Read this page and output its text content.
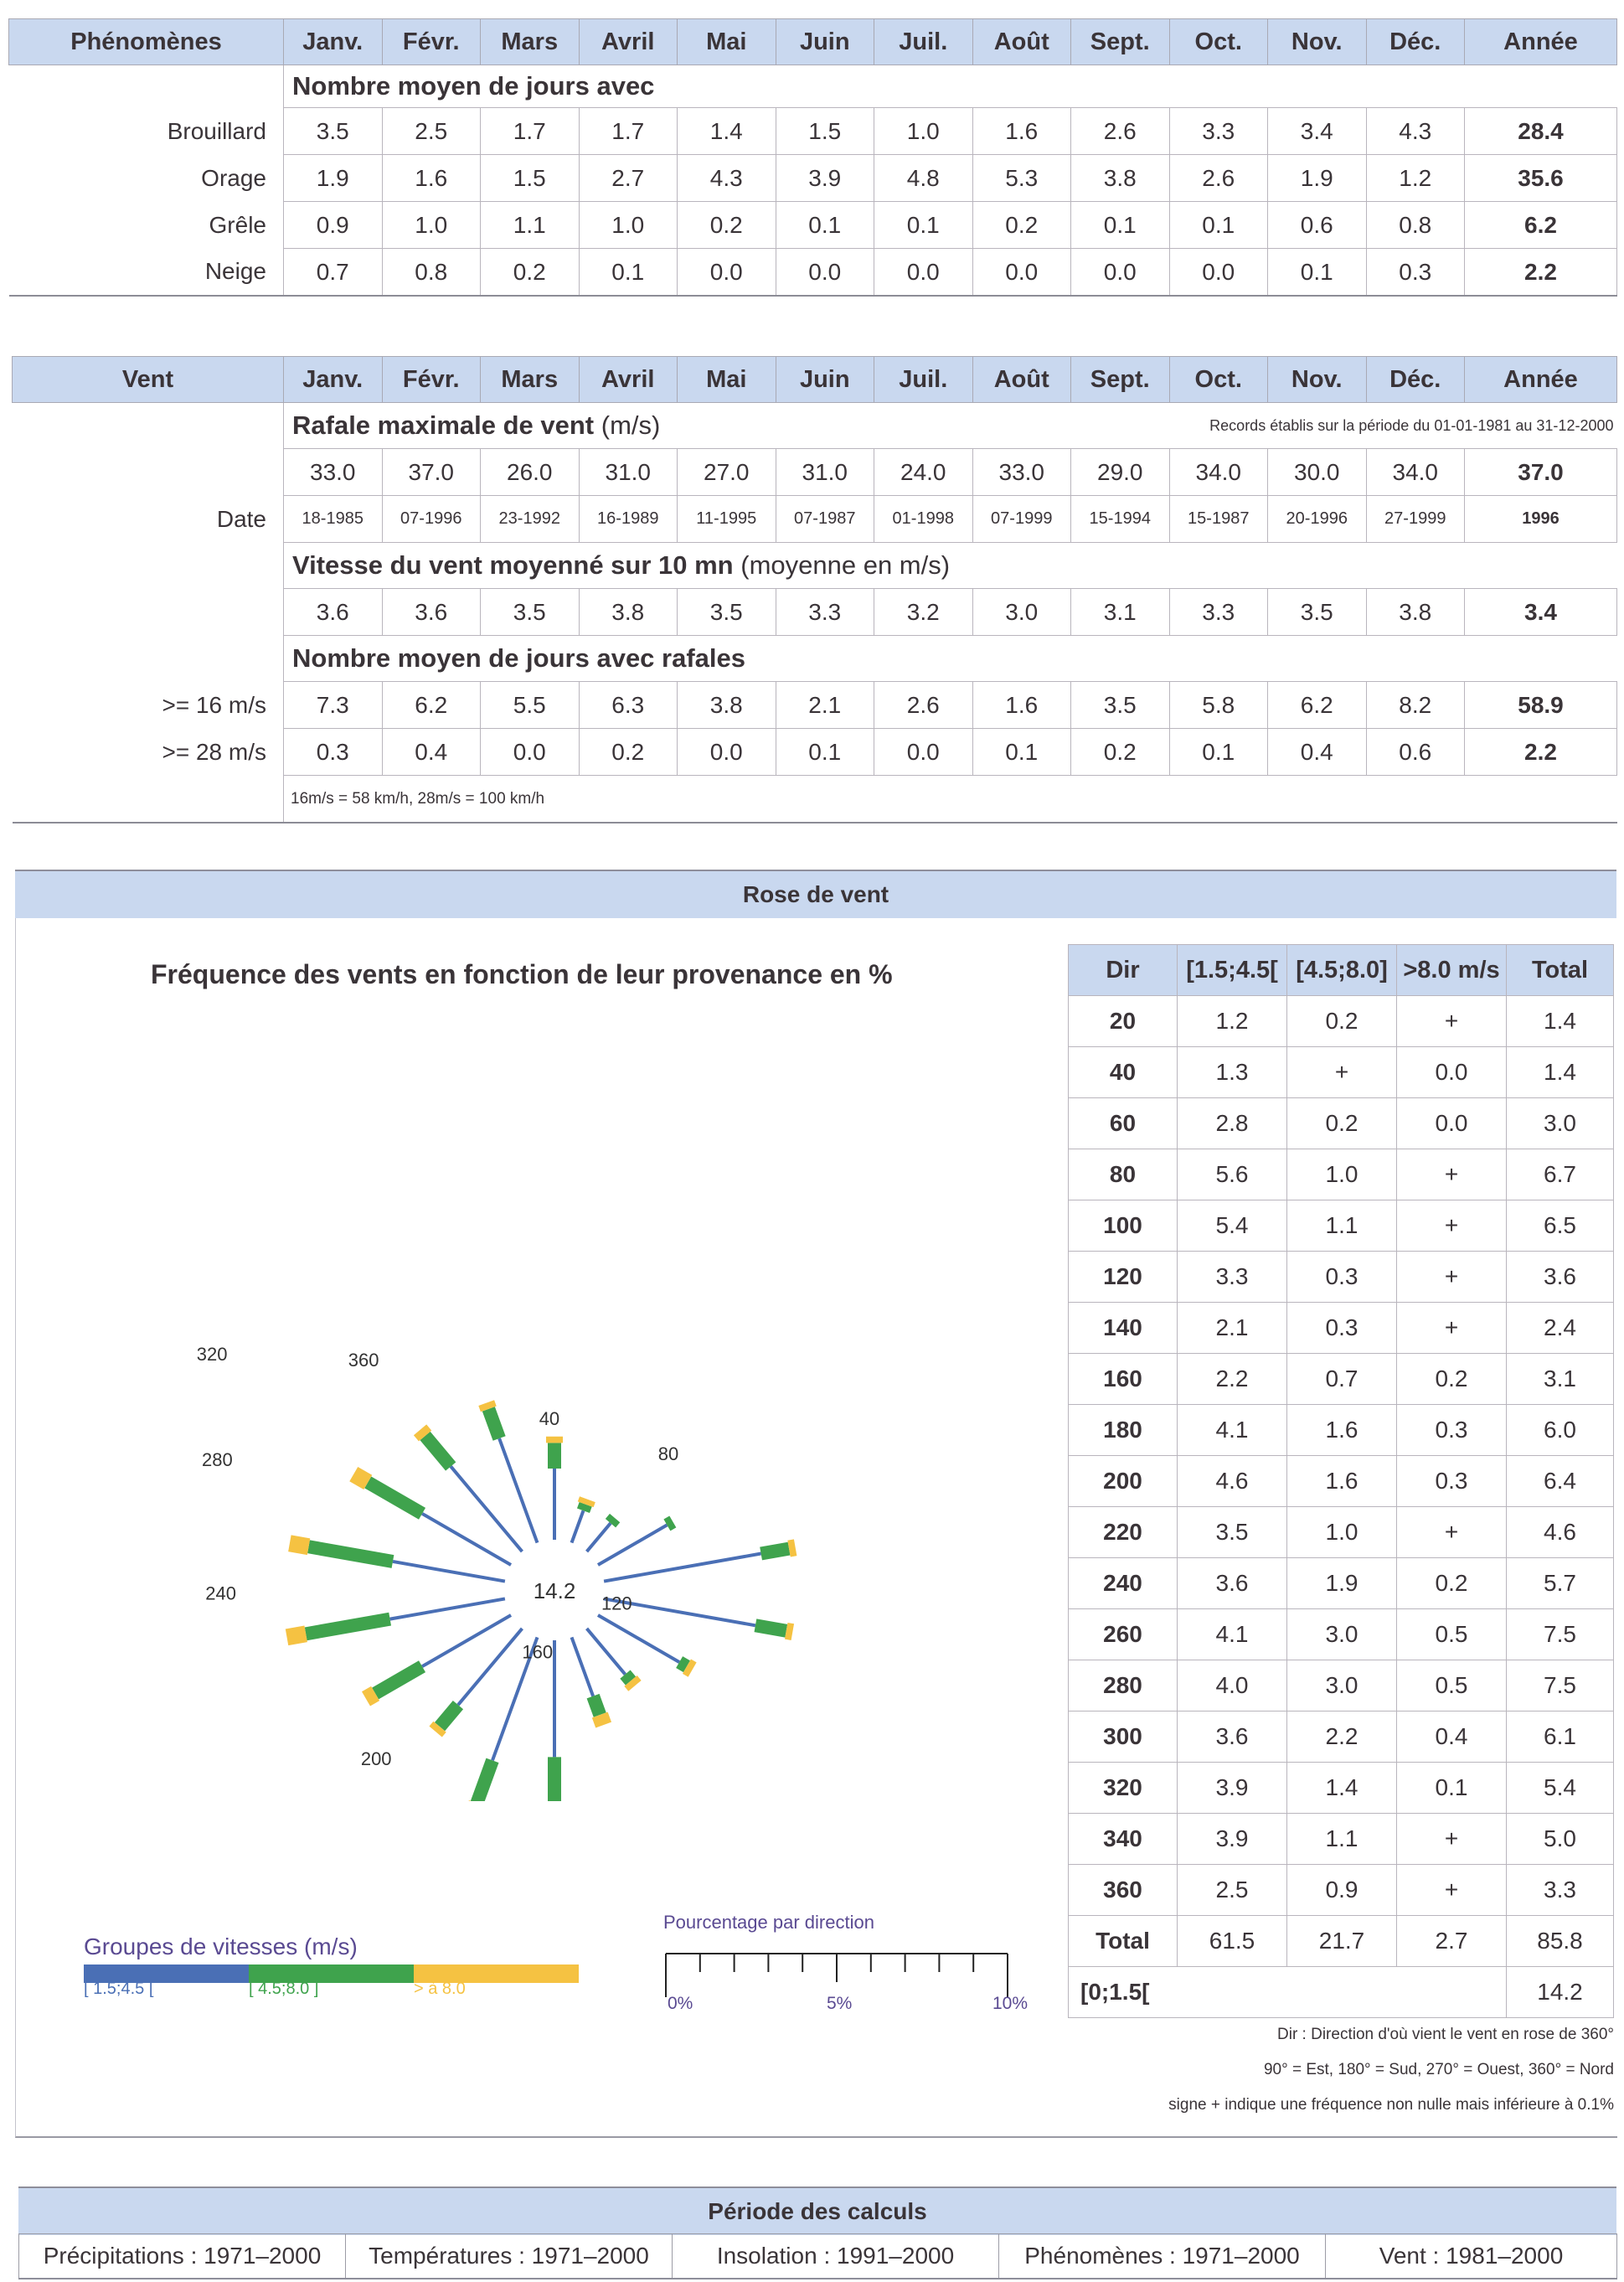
Phénomènes	Janv.	Févr.	Mars	Avril	Mai	Juin	Juil.	Août	Sept.	Oct.	Nov.	Déc.	Année
	Nombre moyen de jours avec												
Brouillard	3.5	2.5	1.7	1.7	1.4	1.5	1.0	1.6	2.6	3.3	3.4	4.3	28.4
Orage	1.9	1.6	1.5	2.7	4.3	3.9	4.8	5.3	3.8	2.6	1.9	1.2	35.6
Grêle	0.9	1.0	1.1	1.0	0.2	0.1	0.1	0.2	0.1	0.1	0.6	0.8	6.2
Neige	0.7	0.8	0.2	0.1	0.0	0.0	0.0	0.0	0.0	0.0	0.1	0.3	2.2
Vent	Janv.	Févr.	Mars	Avril	Mai	Juin	Juil.	Août	Sept.	Oct.	Nov.	Déc.	Année
	Rafale maximale de vent (m/s)							Records établis sur la période du 01-01-1981 au 31-12-2000					
	33.0	37.0	26.0	31.0	27.0	31.0	24.0	33.0	29.0	34.0	30.0	34.0	37.0
Date	18-1985	07-1996	23-1992	16-1989	11-1995	07-1987	01-1998	07-1999	15-1994	15-1987	20-1996	27-1999	1996
	Vitesse du vent moyenné sur 10 mn (moyenne en m/s)												
	3.6	3.6	3.5	3.8	3.5	3.3	3.2	3.0	3.1	3.3	3.5	3.8	3.4
	Nombre moyen de jours avec rafales												
>= 16 m/s	7.3	6.2	5.5	6.3	3.8	2.1	2.6	1.6	3.5	5.8	6.2	8.2	58.9
>= 28 m/s	0.3	0.4	0.0	0.2	0.0	0.1	0.0	0.1	0.2	0.1	0.4	0.6	2.2
	16m/s = 58 km/h, 28m/s = 100 km/h												
Rose de vent
Fréquence des vents en fonction de leur provenance en %
14.2
40
80
120
160
200
240
280
320	360
Dir	[1.5;4.5[	[4.5;8.0]	>8.0 m/s	Total
20	1.2	0.2	+	1.4
40	1.3	+	0.0	1.4
60	2.8	0.2	0.0	3.0
80	5.6	1.0	+	6.7
100	5.4	1.1	+	6.5
120	3.3	0.3	+	3.6
140	2.1	0.3	+	2.4
160	2.2	0.7	0.2	3.1
180	4.1	1.6	0.3	6.0
200	4.6	1.6	0.3	6.4
220	3.5	1.0	+	4.6
240	3.6	1.9	0.2	5.7
260	4.1	3.0	0.5	7.5
280	4.0	3.0	0.5	7.5
300	3.6	2.2	0.4	6.1
320	3.9	1.4	0.1	5.4
340	3.9	1.1	+	5.0
360	2.5	0.9	+	3.3
Total	61.5	21.7	2.7	85.8
[0;1.5[				14.2
Dir : Direction d'où vient le vent en rose de 360°
90° = Est, 180° = Sud, 270° = Ouest, 360° = Nord
signe + indique une fréquence non nulle mais inférieure à 0.1%
Groupes de vitesses (m/s)
[ 1.5;4.5 [	[ 4.5;8.0 ]	> à 8.0
Pourcentage par direction
0%	5%	10%
Période des calculs
Précipitations : 1971–2000	Températures : 1971–2000	Insolation : 1991–2000	Phénomènes : 1971–2000	Vent : 1981–2000
